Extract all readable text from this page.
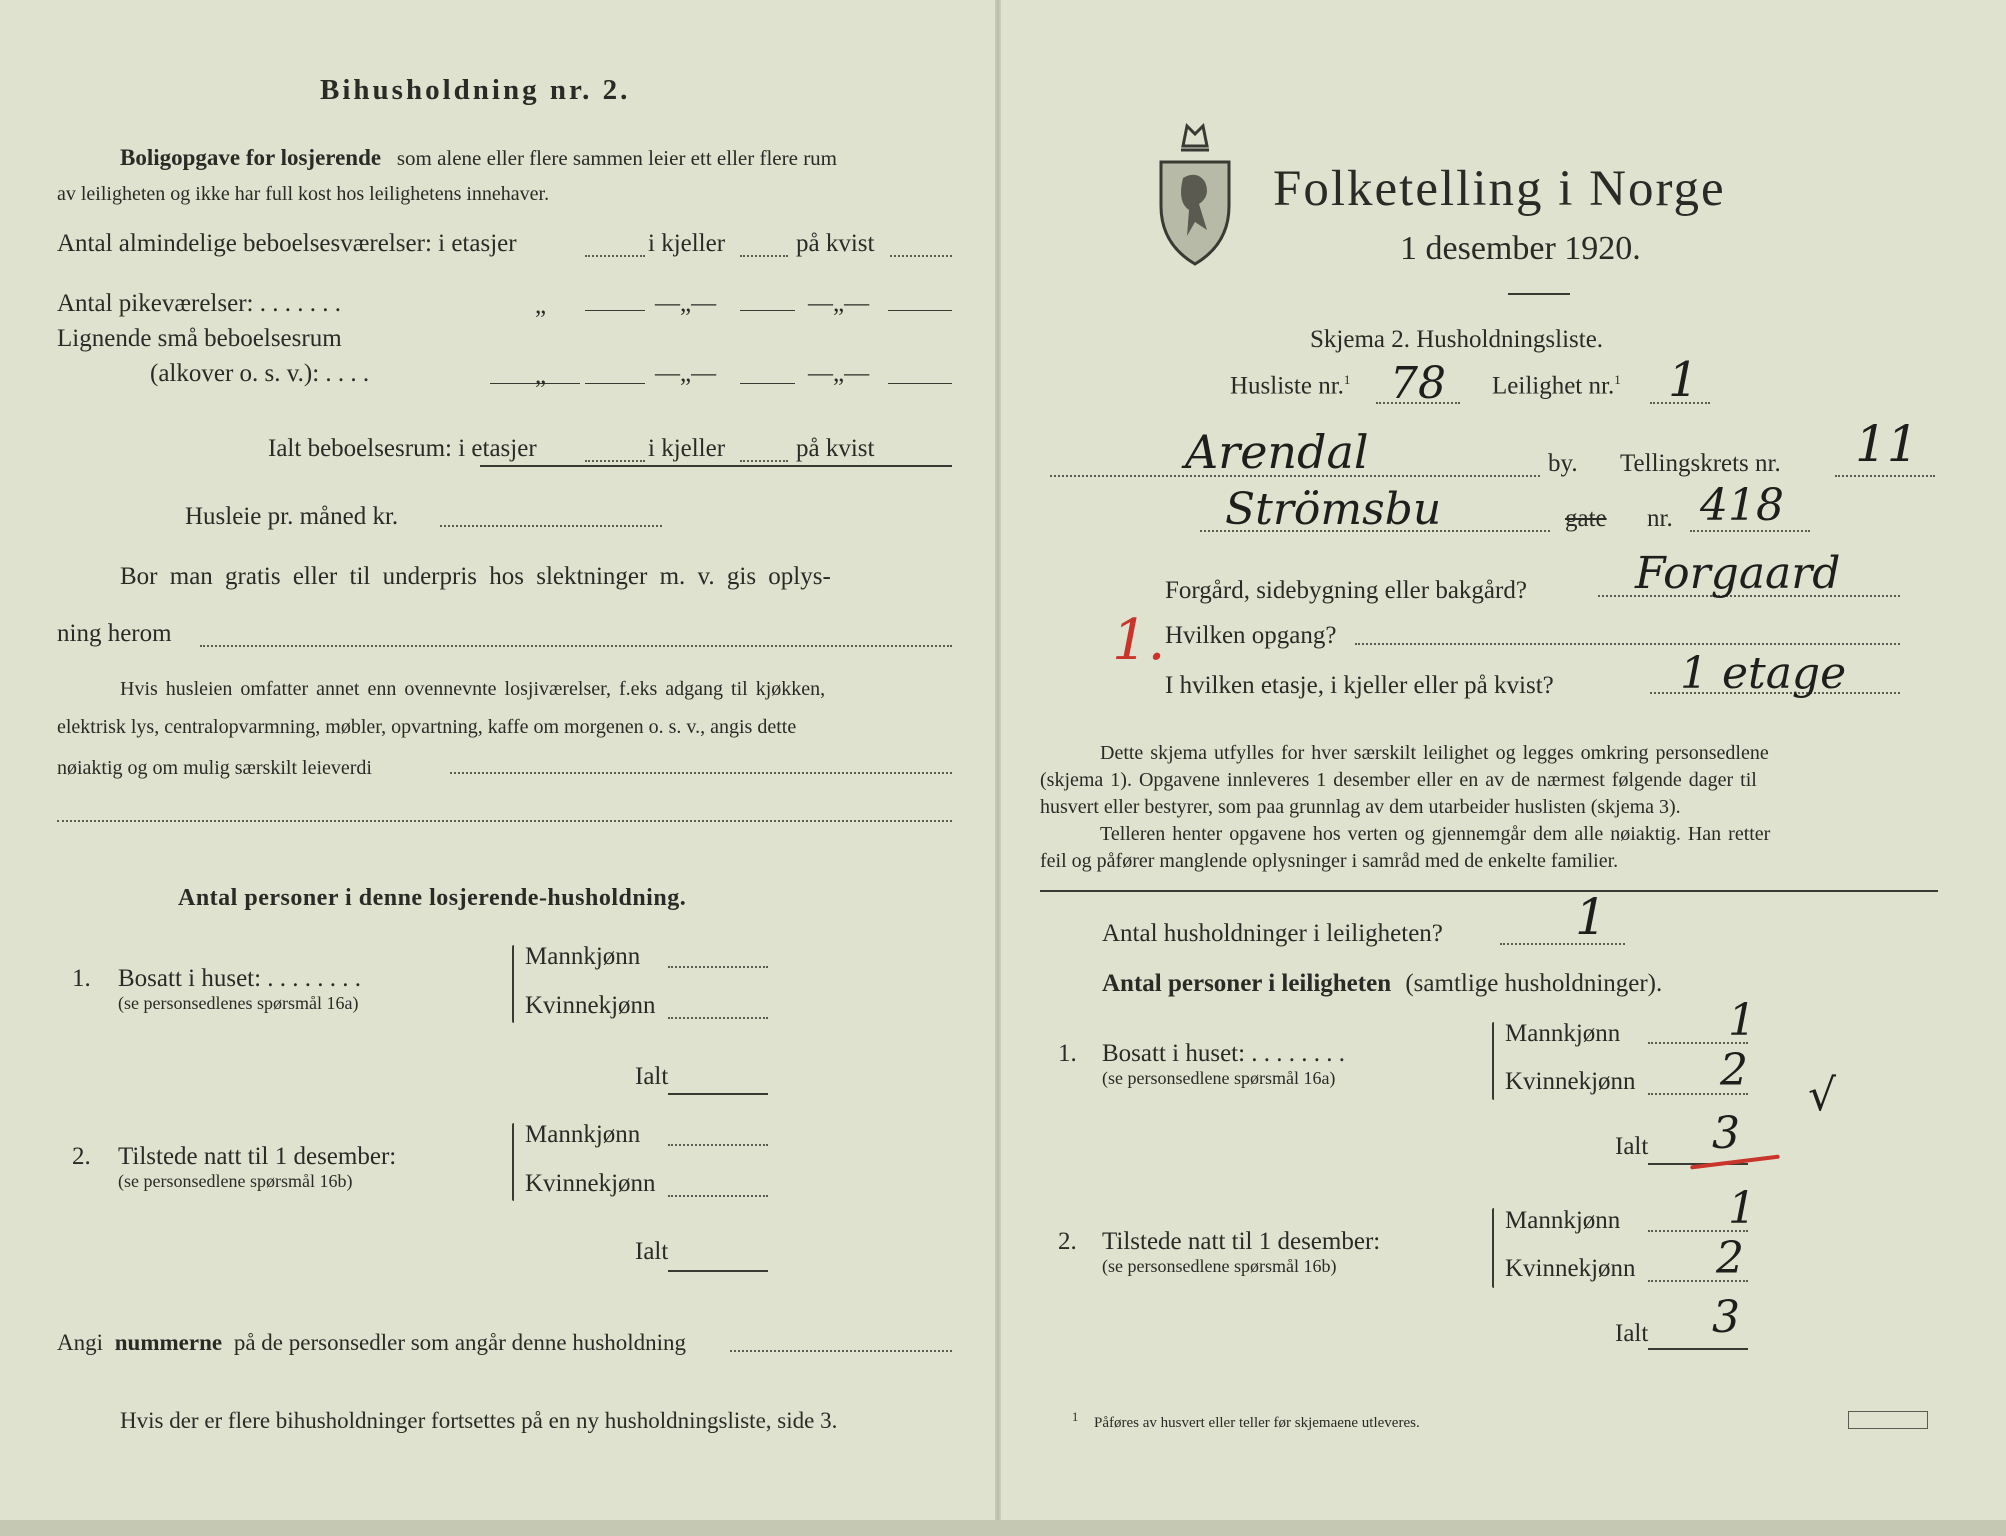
Bihusholdning nr. 2.
Boligopgave for losjerende som alene eller flere sammen leier ett eller flere rum
av leiligheten og ikke har full kost hos leilighetens innehaver.
Antal almindelige beboelsesværelser: i etasjer	i kjeller	på kvist
Antal pikeværelser: . . . . . . .	„	—„—	—„—
Lignende små beboelsesrum
(alkover o. s. v.): . . . .	„	—„—	—„—
Ialt beboelsesrum: i etasjer	i kjeller	på kvist
Husleie pr. måned kr.
Bor man gratis eller til underpris hos slektninger m. v. gis oplys-
ning herom
Hvis husleien omfatter annet enn ovennevnte losjiværelser, f.eks adgang til kjøkken,
elektrisk lys, centralopvarmning, møbler, opvartning, kaffe om morgenen o. s. v., angis dette
nøiaktig og om mulig særskilt leieverdi
Antal personer i denne losjerende-husholdning.
1. Bosatt i huset: . . . . . . . .
(se personsedlenes spørsmål 16a)
Mannkjønn
Kvinnekjønn
Ialt
2. Tilstede natt til 1 desember:
(se personsedlene spørsmål 16b)
Mannkjønn
Kvinnekjønn
Ialt
Angi nummerne på de personsedler som angår denne husholdning
Hvis der er flere bihusholdninger fortsettes på en ny husholdningsliste, side 3.
Folketelling i Norge
1 desember 1920.
Skjema 2. Husholdningsliste.
Husliste nr.$^1$ 78 Leilighet nr.$^1$ 1
Arendal	by. Tellingskrets nr. 11
Strömsbu	gate nr. 418
Forgård, sidebygning eller bakgård? Forgaard
1. Hvilken opgang?
I hvilken etasje, i kjeller eller på kvist?	1 etage
Dette skjema utfylles for hver særskilt leilighet og legges omkring personsedlene
(skjema 1). Opgavene innleveres 1 desember eller en av de nærmest følgende dager til
husvert eller bestyrer, som paa grunnlag av dem utarbeider huslisten (skjema 3).
Telleren henter opgavene hos verten og gjennemgår dem alle nøiaktig. Han retter
feil og påfører manglende oplysninger i samråd med de enkelte familier.
Antal husholdninger i leiligheten?	1
Antal personer i leiligheten (samtlige husholdninger).
1. Bosatt i huset: . . . . . . . .
(se personsedlene spørsmål 16a)
Mannkjønn 1
Kvinnekjønn 2 √
Ialt 3
2. Tilstede natt til 1 desember:
(se personsedlene spørsmål 16b)
Mannkjønn 1
Kvinnekjønn 2
Ialt 3
$^1$ Påføres av husvert eller teller før skjemaene utleveres.
